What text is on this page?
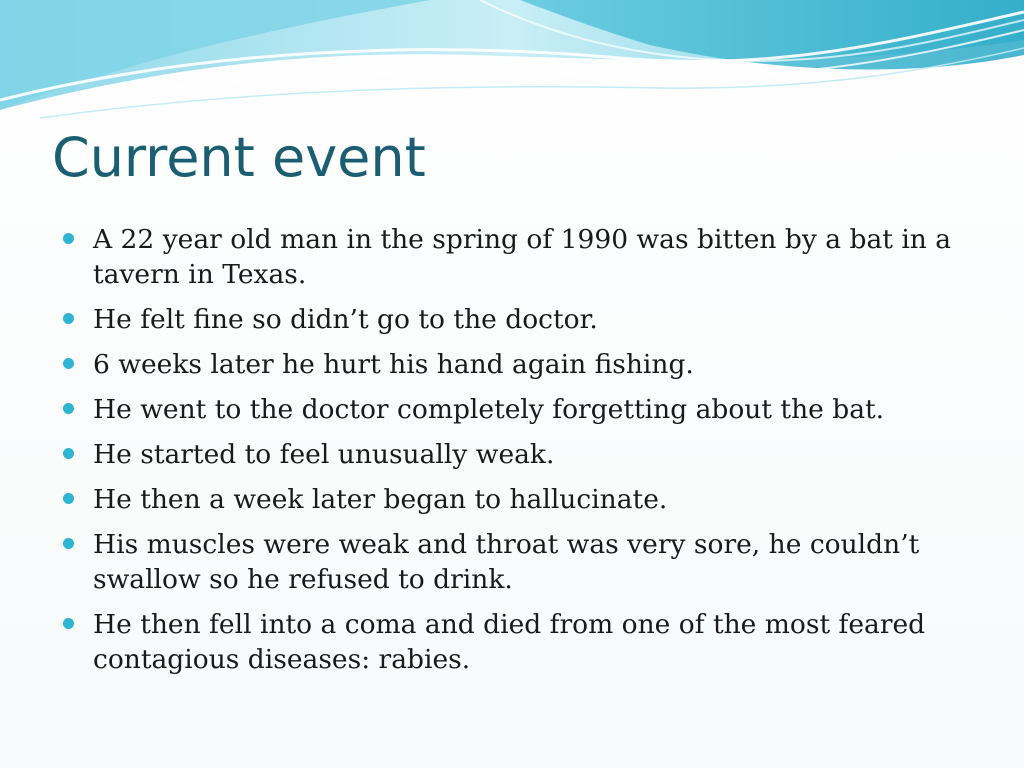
Current event
A 22 year old man in the spring of 1990 was bitten by a bat in a tavern in Texas.
He felt fine so didn’t go to the doctor.
6 weeks later he hurt his hand again fishing.
He went to the doctor completely forgetting about the bat.
He started to feel unusually weak.
He then a week later began to hallucinate.
His muscles were weak and throat was very sore, he couldn’t swallow so he refused to drink.
He then fell into a coma and died from one of the most feared contagious diseases: rabies.
